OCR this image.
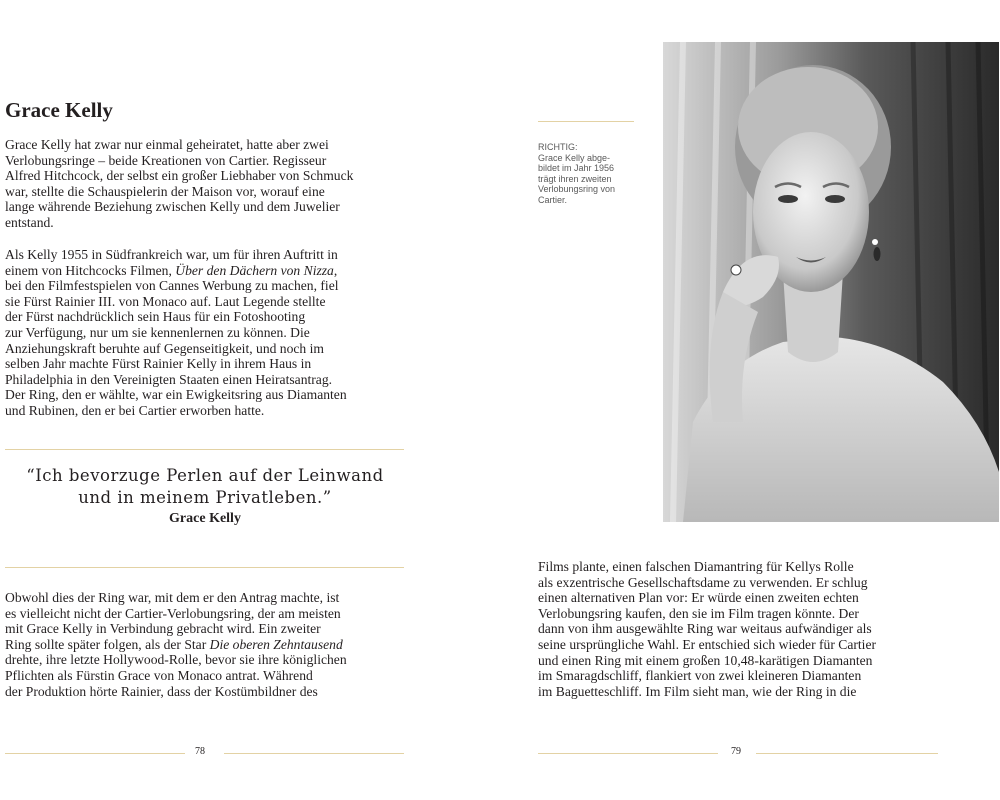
Grace Kelly

Grace Kelly hat zwar nur einmal geheiratet, hatte aber zwei

Verlobungsringe – beide Kreationen von Cartier. Regisseur

Alfred Hitchcock, der selbst ein großer Liebhaber von Schmuck

war, stellte die Schauspielerin der Maison vor, worauf eine

lange währende Beziehung zwischen Kelly und dem Juwelier

entstand.

Als Kelly 1955 in Südfrankreich war, um für ihren Auftritt in

einem von Hitchcocks Filmen, Über den Dächern von Nizza,

bei den Filmfestspielen von Cannes Werbung zu machen, fiel

sie Fürst Rainier III. von Monaco auf. Laut Legende stellte

der Fürst nachdrücklich sein Haus für ein Fotoshooting

zur Verfügung, nur um sie kennenlernen zu können. Die

Anziehungskraft beruhte auf Gegenseitigkeit, und noch im

selben Jahr machte Fürst Rainier Kelly in ihrem Haus in

Philadelphia in den Vereinigten Staaten einen Heiratsantrag.

Der Ring, den er wählte, war ein Ewigkeitsring aus Diamanten

und Rubinen, den er bei Cartier erworben hatte.

“Ich bevorzuge Perlen auf der Leinwand
und in meinem Privatleben.”
Grace Kelly

Obwohl dies der Ring war, mit dem er den Antrag machte, ist

es vielleicht nicht der Cartier-Verlobungsring, der am meisten

mit Grace Kelly in Verbindung gebracht wird. Ein zweiter

Ring sollte später folgen, als der Star Die oberen Zehntausend

drehte, ihre letzte Hollywood-Rolle, bevor sie ihre königlichen

Pflichten als Fürstin Grace von Monaco antrat. Während

der Produktion hörte Rainier, dass der Kostümbildner des

78
RICHTIG:
Grace Kelly abge-
bildet im Jahr 1956
trägt ihren zweiten
Verlobungsring von
Cartier.

Films plante, einen falschen Diamantring für Kellys Rolle

als exzentrische Gesellschaftsdame zu verwenden. Er schlug

einen alternativen Plan vor: Er würde einen zweiten echten

Verlobungsring kaufen, den sie im Film tragen könnte. Der

dann von ihm ausgewählte Ring war weitaus aufwändiger als

seine ursprüngliche Wahl. Er entschied sich wieder für Cartier

und einen Ring mit einem großen 10,48-karätigen Diamanten

im Smaragdschliff, flankiert von zwei kleineren Diamanten

im Baguetteschliff. Im Film sieht man, wie der Ring in die

79
